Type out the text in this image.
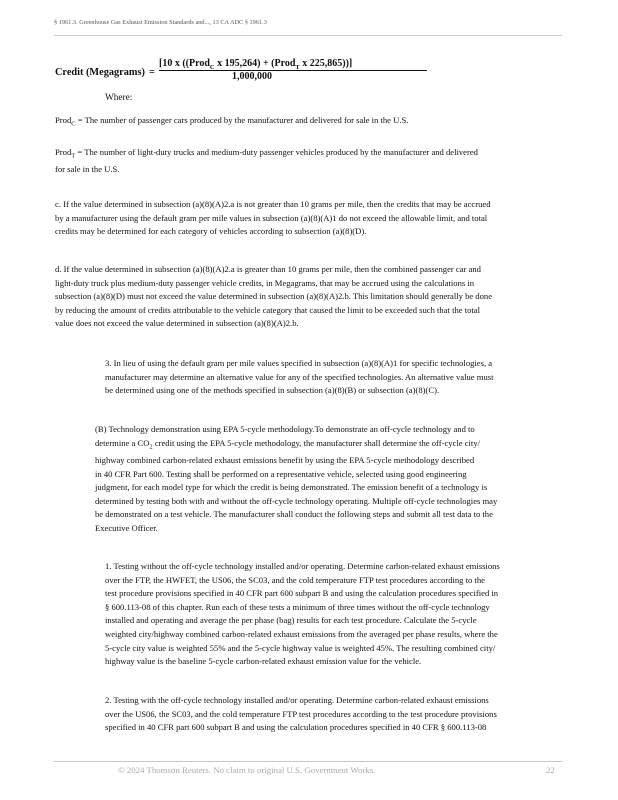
§ 1961.3. Greenhouse Gas Exhaust Emission Standards and..., 13 CA ADC § 1961.3
Credit (Megagrams) =
[10 x ((Prod$_C$ x 195,264) + (Prod$_T$ x 225,865))]
1,000,000
Where:

Prod$_C$ = The number of passenger cars produced by the manufacturer and delivered for sale in the U.S.

Prod$_T$ = The number of light-duty trucks and medium-duty passenger vehicles produced by the manufacturer and delivered
for sale in the U.S.

c. If the value determined in subsection (a)(8)(A)2.a is not greater than 10 grams per mile, then the credits that may be accrued
by a manufacturer using the default gram per mile values in subsection (a)(8)(A)1 do not exceed the allowable limit, and total
credits may be determined for each category of vehicles according to subsection (a)(8)(D).

d. If the value determined in subsection (a)(8)(A)2.a is greater than 10 grams per mile, then the combined passenger car and
light-duty truck plus medium-duty passenger vehicle credits, in Megagrams, that may be accrued using the calculations in
subsection (a)(8)(D) must not exceed the value determined in subsection (a)(8)(A)2.b. This limitation should generally be done
by reducing the amount of credits attributable to the vehicle category that caused the limit to be exceeded such that the total
value does not exceed the value determined in subsection (a)(8)(A)2.b.

3. In lieu of using the default gram per mile values specified in subsection (a)(8)(A)1 for specific technologies, a
manufacturer may determine an alternative value for any of the specified technologies. An alternative value must
be determined using one of the methods specified in subsection (a)(8)(B) or subsection (a)(8)(C).

(B) Technology demonstration using EPA 5-cycle methodology.To demonstrate an off-cycle technology and to
determine a $CO_2$ credit using the EPA 5-cycle methodology, the manufacturer shall determine the off-cycle city/
highway combined carbon-related exhaust emissions benefit by using the EPA 5-cycle methodology described
in 40 CFR Part 600. Testing shall be performed on a representative vehicle, selected using good engineering
judgment, for each model type for which the credit is being demonstrated. The emission benefit of a technology is
determined by testing both with and without the off-cycle technology operating. Multiple off-cycle technologies may
be demonstrated on a test vehicle. The manufacturer shall conduct the following steps and submit all test data to the
Executive Officer.

1. Testing without the off-cycle technology installed and/or operating. Determine carbon-related exhaust emissions
over the FTP, the HWFET, the US06, the SC03, and the cold temperature FTP test procedures according to the
test procedure provisions specified in 40 CFR part 600 subpart B and using the calculation procedures specified in
§ 600.113-08 of this chapter. Run each of these tests a minimum of three times without the off-cycle technology
installed and operating and average the per phase (bag) results for each test procedure. Calculate the 5-cycle
weighted city/highway combined carbon-related exhaust emissions from the averaged per phase results, where the
5-cycle city value is weighted 55% and the 5-cycle highway value is weighted 45%. The resulting combined city/
highway value is the baseline 5-cycle carbon-related exhaust emission value for the vehicle.

2. Testing with the off-cycle technology installed and/or operating. Determine carbon-related exhaust emissions
over the US06, the SC03, and the cold temperature FTP test procedures according to the test procedure provisions
specified in 40 CFR part 600 subpart B and using the calculation procedures specified in 40 CFR § 600.113-08

© 2024 Thomson Reuters. No claim to original U.S. Government Works.	22
